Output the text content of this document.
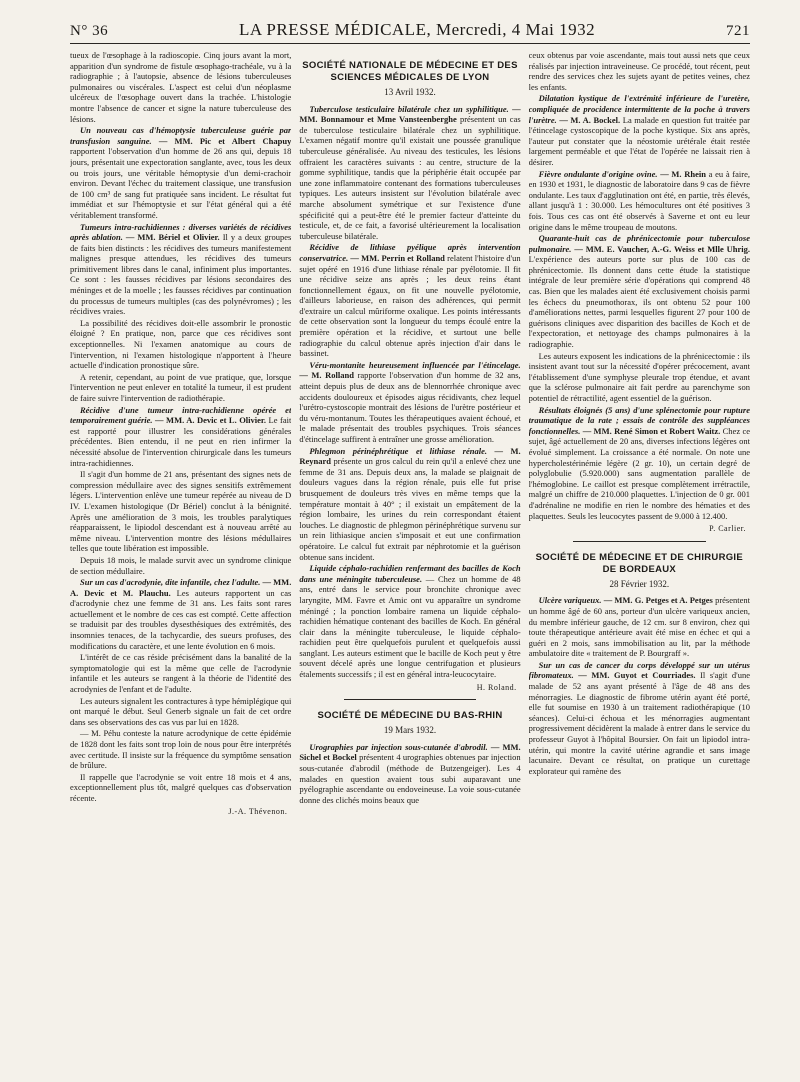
N° 36	LA PRESSE MÉDICALE, Mercredi, 4 Mai 1932	721

tueux de l'œsophage à la radioscopie. Cinq jours avant la mort, apparition d'un syndrome de fistule œsophago-trachéale, vu à la radiographie ; à l'autopsie, absence de lésions tuberculeuses pulmonaires ou viscérales. L'aspect est celui d'un néoplasme ulcéreux de l'œsophage ouvert dans la trachée. L'histologie montre l'absence de cancer et signe la nature tuberculeuse des lésions.

Un nouveau cas d'hémoptysie tuberculeuse guérie par transfusion sanguine. — MM. Pic et Albert Chapuy rapportent l'observation d'un homme de 26 ans qui, depuis 18 jours, présentait une expectoration sanglante, avec, tous les deux ou trois jours, une véritable hémoptysie d'un demi-crachoir environ. Devant l'échec du traitement classique, une transfusion de 100 cm³ de sang fut pratiquée sans incident. Le résultat fut immédiat et sur l'hémoptysie et sur l'état général qui a été véritablement transformé.

Tumeurs intra-rachidiennes : diverses variétés de récidives après ablation. — MM. Bériel et Olivier. Il y a deux groupes de faits bien distincts : les récidives des tumeurs manifestement malignes presque attendues, les récidives des tumeurs primitivement libres dans le canal, infiniment plus importantes. Ce sont : les fausses récidives par lésions secondaires des méninges et de la moelle ; les fausses récidives par continuation du processus de tumeurs multiples (cas des polynévromes) ; les récidives vraies.

La possibilité des récidives doit-elle assombrir le pronostic éloigné ? En pratique, non, parce que ces récidives sont exceptionnelles. Ni l'examen anatomique au cours de l'intervention, ni l'examen histologique n'apportent à l'heure actuelle d'indication pronostique sûre.

A retenir, cependant, au point de vue pratique, que, lorsque l'intervention ne peut enlever en totalité la tumeur, il est prudent de faire suivre l'intervention de radiothérapie.

Récidive d'une tumeur intra-rachidienne opérée et temporairement guérie. — MM. A. Devic et L. Olivier. Le fait est rapporté pour illustrer les considérations générales précédentes. Bien entendu, il ne peut en rien infirmer la nécessité absolue de l'intervention chirurgicale dans les tumeurs intra-rachidiennes.

Il s'agit d'un homme de 21 ans, présentant des signes nets de compression médullaire avec des signes sensitifs extrêmement légers. L'intervention enlève une tumeur repérée au niveau de D IV. L'examen histologique (Dr Bériel) conclut à la bénignité. Après une amélioration de 3 mois, les troubles paralytiques réapparaissent, le lipiodol descendant est à nouveau arrêté au même niveau. L'intervention montre des lésions médullaires telles que toute libération est impossible.

Depuis 18 mois, le malade survit avec un syndrome clinique de section médullaire.

Sur un cas d'acrodynie, dite infantile, chez l'adulte. — MM. A. Devic et M. Plauchu. Les auteurs rapportent un cas d'acrodynie chez une femme de 31 ans. Les faits sont rares actuellement et le nombre de ces cas est compté. Cette affection se traduisit par des troubles dysesthésiques des extrémités, des insomnies tenaces, de la tachycardie, des sueurs profuses, des modifications du caractère, et une lente évolution en 6 mois.

L'intérêt de ce cas réside précisément dans la banalité de la symptomatologie qui est la même que celle de l'acrodynie infantile et les auteurs se rangent à la théorie de l'identité des acrodynies de l'enfant et de l'adulte.

Les auteurs signalent les contractures à type hémiplégique qui ont marqué le début. Seul Generb signale un fait de cet ordre dans ses observations des cas vus par lui en 1828.

— M. Péhu conteste la nature acrodynique de cette épidémie de 1828 dont les faits sont trop loin de nous pour être interprétés avec certitude. Il insiste sur la fréquence du symptôme sensation de brûlure.

Il rappelle que l'acrodynie se voit entre 18 mois et 4 ans, exceptionnellement plus tôt, malgré quelques cas d'observation récente.

J.-A. Thévenon.
SOCIÉTÉ NATIONALE DE MÉDECINE ET DES SCIENCES MÉDICALES DE LYON
13 Avril 1932.

Tuberculose testiculaire bilatérale chez un syphilitique. — MM. Bonnamour et Mme Vansteenberghe présentent un cas de tuberculose testiculaire bilatérale chez un syphilitique. L'examen négatif montre qu'il existait une poussée granulique tuberculeuse généralisée. Au niveau des testicules, les lésions offraient les caractères suivants : au centre, structure de la gomme syphilitique, tandis que la périphérie était occupée par une zone inflammatoire contenant des formations tuberculeuses typiques. Les auteurs insistent sur l'évolution bilatérale avec marche absolument symétrique et sur l'existence d'une spécificité qui a peut-être été le premier facteur d'atteinte du testicule, et, de ce fait, a favorisé ultérieurement la localisation tuberculeuse bilatérale.

Récidive de lithiase pyélique après intervention conservatrice. — MM. Perrin et Rolland relatent l'histoire d'un sujet opéré en 1916 d'une lithiase rénale par pyélotomie. Il fit une récidive seize ans après ; les deux reins étant fonctionnellement égaux, on fit une nouvelle pyélotomie, d'ailleurs laborieuse, en raison des adhérences, qui permit d'extraire un calcul mûriforme oxalique. Les points intéressants de cette observation sont la longueur du temps écoulé entre la première opération et la récidive, et surtout une belle radiographie du calcul obtenue après injection d'air dans le bassinet.

Véru-montanite heureusement influencée par l'étincelage. — M. Rolland rapporte l'observation d'un homme de 32 ans, atteint depuis plus de deux ans de blennorrhée chronique avec accidents douloureux et épisodes aigus récidivants, chez lequel l'urétro-cystoscopie montrait des lésions de l'urètre postérieur et du véru-montanum. Toutes les thérapeutiques avaient échoué, et le malade présentait des troubles psychiques. Trois séances d'étincelage suffirent à entraîner une grosse amélioration.

Phlegmon périnéphrétique et lithiase rénale. — M. Reynard présente un gros calcul du rein qu'il a enlevé chez une femme de 31 ans. Depuis deux ans, la malade se plaignait de douleurs vagues dans la région rénale, puis elle fut prise brusquement de douleurs très vives en même temps que la température montait à 40° ; il existait un empâtement de la région lombaire, les urines du rein correspondant étaient louches. Le diagnostic de phlegmon périnéphrétique survenu sur un rein lithiasique ancien s'imposait et eut une confirmation opératoire. Le calcul fut extrait par néphrotomie et la guérison obtenue sans incident.

Liquide céphalo-rachidien renfermant des bacilles de Koch dans une méningite tuberculeuse. — Chez un homme de 48 ans, entré dans le service pour bronchite chronique avec laryngite, MM. Favre et Amic ont vu apparaître un syndrome méningé ; la ponction lombaire ramena un liquide céphalo-rachidien hématique contenant des bacilles de Koch. En général clair dans la méningite tuberculeuse, le liquide céphalo-rachidien peut être quelquefois purulent et quelquefois aussi sanglant. Les auteurs estiment que le bacille de Koch peut y être souvent décelé après une longue centrifugation et plusieurs étalements successifs ; il est en général intra-leucocytaire.

H. Roland.
SOCIÉTÉ DE MÉDECINE DU BAS-RHIN
19 Mars 1932.

Urographies par injection sous-cutanée d'abrodil. — MM. Sichel et Bockel présentent 4 urographies obtenues par injection sous-cutanée d'abrodil (méthode de Butzengeiger). Les 4 malades en question avaient tous subi auparavant une pyélographie ascendante ou endoveineuse. La voie sous-cutanée donne des clichés moins beaux que

ceux obtenus par voie ascendante, mais tout aussi nets que ceux réalisés par injection intraveineuse. Ce procédé, tout récent, peut rendre des services chez les sujets ayant de petites veines, chez les enfants.

Dilatation kystique de l'extrémité inférieure de l'uretère, compliquée de procidence intermittente de la poche à travers l'urètre. — M. A. Bockel. La malade en question fut traitée par l'étincelage cystoscopique de la poche kystique. Six ans après, l'auteur put constater que la néostomie urétérale était restée largement perméable et que l'état de l'opérée ne laissait rien à désirer.

Fièvre ondulante d'origine ovine. — M. Rhein a eu à faire, en 1930 et 1931, le diagnostic de laboratoire dans 9 cas de fièvre ondulante. Les taux d'agglutination ont été, en partie, très élevés, allant jusqu'à 1 : 30.000. Les hémocultures ont été positives 3 fois. Tous ces cas ont été observés à Saverne et ont eu leur origine dans le même troupeau de moutons.

Quarante-huit cas de phrénicectomie pour tuberculose pulmonaire. — MM. E. Vaucher, A.-G. Weiss et Mlle Uhrig. L'expérience des auteurs porte sur plus de 100 cas de phrénicectomie. Ils donnent dans cette étude la statistique intégrale de leur première série d'opérations qui comprend 48 cas. Bien que les malades aient été exclusivement choisis parmi les échecs du pneumothorax, ils ont obtenu 52 pour 100 d'améliorations nettes, parmi lesquelles figurent 27 pour 100 de guérisons cliniques avec disparition des bacilles de Koch et de l'expectoration, et nettoyage des champs pulmonaires à la radiographie.

Les auteurs exposent les indications de la phrénicectomie : ils insistent avant tout sur la nécessité d'opérer précocement, avant l'établissement d'une symphyse pleurale trop étendue, et avant que la sclérose pulmonaire ait fait perdre au parenchyme son potentiel de rétractilité, agent essentiel de la guérison.

Résultats éloignés (5 ans) d'une splénectomie pour rupture traumatique de la rate ; essais de contrôle des suppléances fonctionnelles. — MM. René Simon et Robert Waitz. Chez ce sujet, âgé actuellement de 20 ans, diverses infections légères ont évolué simplement. La croissance a été normale. On note une hypercholestérinémie légère (2 gr. 10), un certain degré de polyglobulie (5.920.000) sans augmentation parallèle de l'hémoglobine. Le caillot est presque complètement irrétractile, malgré un chiffre de 210.000 plaquettes. L'injection de 0 gr. 001 d'adrénaline ne modifie en rien le nombre des hématies et des plaquettes. Seuls les leucocytes passent de 9.000 à 12.400.

P. Carlier.
SOCIÉTÉ DE MÉDECINE ET DE CHIRURGIE DE BORDEAUX
28 Février 1932.

Ulcère variqueux. — MM. G. Petges et A. Petges présentent un homme âgé de 60 ans, porteur d'un ulcère variqueux ancien, du membre inférieur gauche, de 12 cm. sur 8 environ, chez qui toute thérapeutique antérieure avait été mise en échec et qui a guéri en 2 mois, sans immobilisation au lit, par la méthode ambulatoire dite « traitement de P. Bourgraff ».

Sur un cas de cancer du corps développé sur un utérus fibromateux. — MM. Guyot et Courriades. Il s'agit d'une malade de 52 ans ayant présenté à l'âge de 48 ans des ménorragies. Le diagnostic de fibrome utérin ayant été porté, elle fut soumise en 1930 à un traitement radiothérapique (10 séances). Celui-ci échoua et les ménorragies augmentant progressivement décidèrent la malade à entrer dans le service du professeur Guyot à l'hôpital Boursier. On fait un lipiodol intra-utérin, qui montre la cavité utérine agrandie et sans image lacunaire. Devant ce résultat, on pratique un curettage explorateur qui ramène des
